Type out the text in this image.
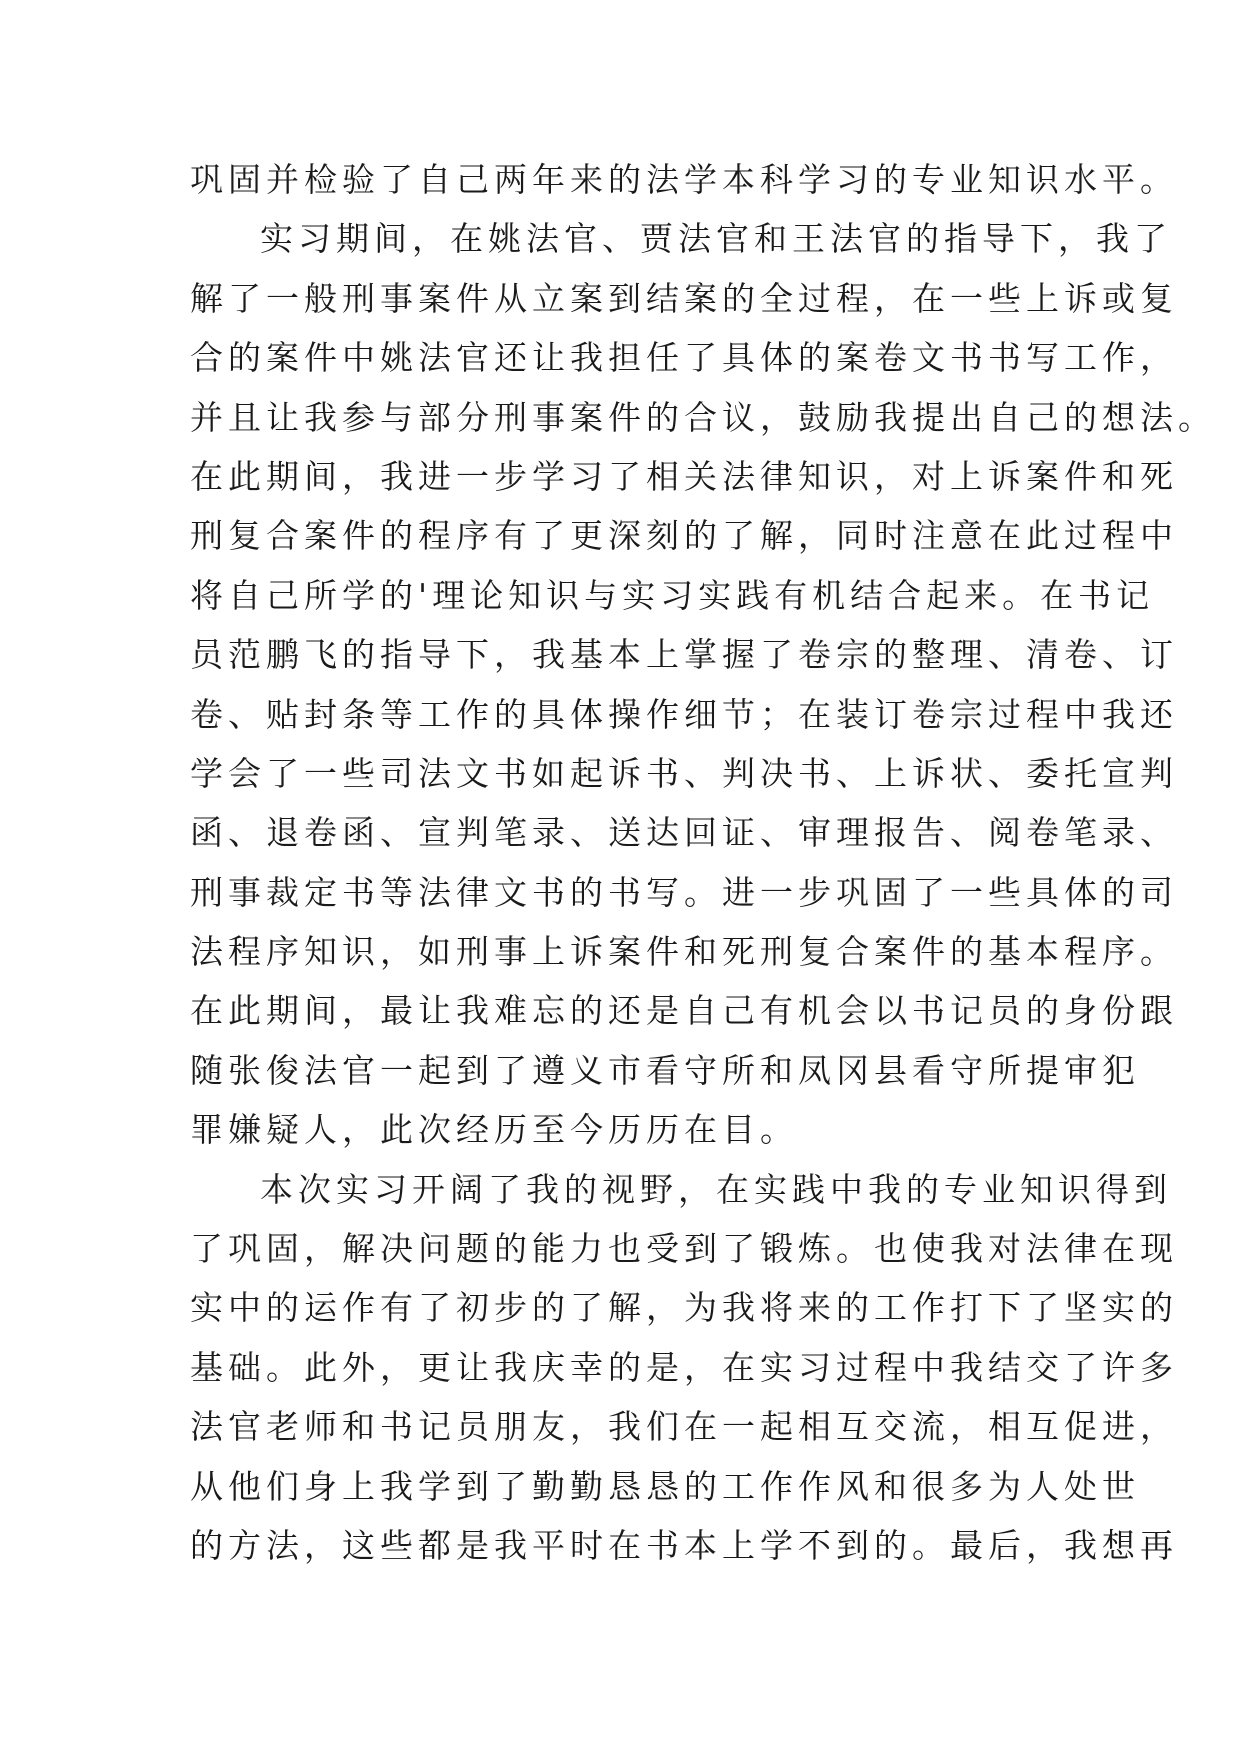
巩固并检验了自己两年来的法学本科学习的专业知识水平。
实习期间，在姚法官、贾法官和王法官的指导下，我了
解了一般刑事案件从立案到结案的全过程，在一些上诉或复
合的案件中姚法官还让我担任了具体的案卷文书书写工作，
并且让我参与部分刑事案件的合议，鼓励我提出自己的想法。
在此期间，我进一步学习了相关法律知识，对上诉案件和死
刑复合案件的程序有了更深刻的了解，同时注意在此过程中
将自己所学的'理论知识与实习实践有机结合起来。在书记
员范鹏飞的指导下，我基本上掌握了卷宗的整理、清卷、订
卷、贴封条等工作的具体操作细节；在装订卷宗过程中我还
学会了一些司法文书如起诉书、判决书、上诉状、委托宣判
函、退卷函、宣判笔录、送达回证、审理报告、阅卷笔录、
刑事裁定书等法律文书的书写。进一步巩固了一些具体的司
法程序知识，如刑事上诉案件和死刑复合案件的基本程序。
在此期间，最让我难忘的还是自己有机会以书记员的身份跟
随张俊法官一起到了遵义市看守所和凤冈县看守所提审犯
罪嫌疑人，此次经历至今历历在目。
本次实习开阔了我的视野，在实践中我的专业知识得到
了巩固，解决问题的能力也受到了锻炼。也使我对法律在现
实中的运作有了初步的了解，为我将来的工作打下了坚实的
基础。此外，更让我庆幸的是，在实习过程中我结交了许多
法官老师和书记员朋友，我们在一起相互交流，相互促进，
从他们身上我学到了勤勤恳恳的工作作风和很多为人处世
的方法，这些都是我平时在书本上学不到的。最后，我想再
